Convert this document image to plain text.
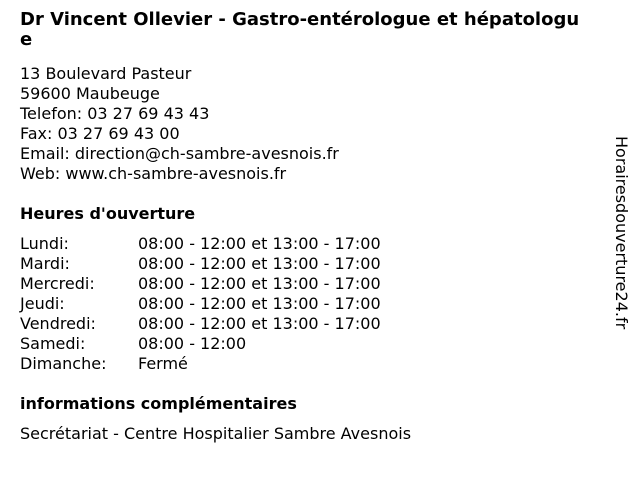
Dr Vincent Ollevier - Gastro-entérologue et hépatologue
13 Boulevard Pasteur
59600 Maubeuge
Telefon: 03 27 69 43 43
Fax: 03 27 69 43 00
Email: direction@ch-sambre-avesnois.fr
Web: www.ch-sambre-avesnois.fr
Heures d'ouverture
Lundi:	08:00 - 12:00 et 13:00 - 17:00
Mardi:	08:00 - 12:00 et 13:00 - 17:00
Mercredi:	08:00 - 12:00 et 13:00 - 17:00
Jeudi:	08:00 - 12:00 et 13:00 - 17:00
Vendredi:	08:00 - 12:00 et 13:00 - 17:00
Samedi:	08:00 - 12:00
Dimanche:	Fermé
informations complémentaires
Secrétariat - Centre Hospitalier Sambre Avesnois
Horairesdouverture24.fr
